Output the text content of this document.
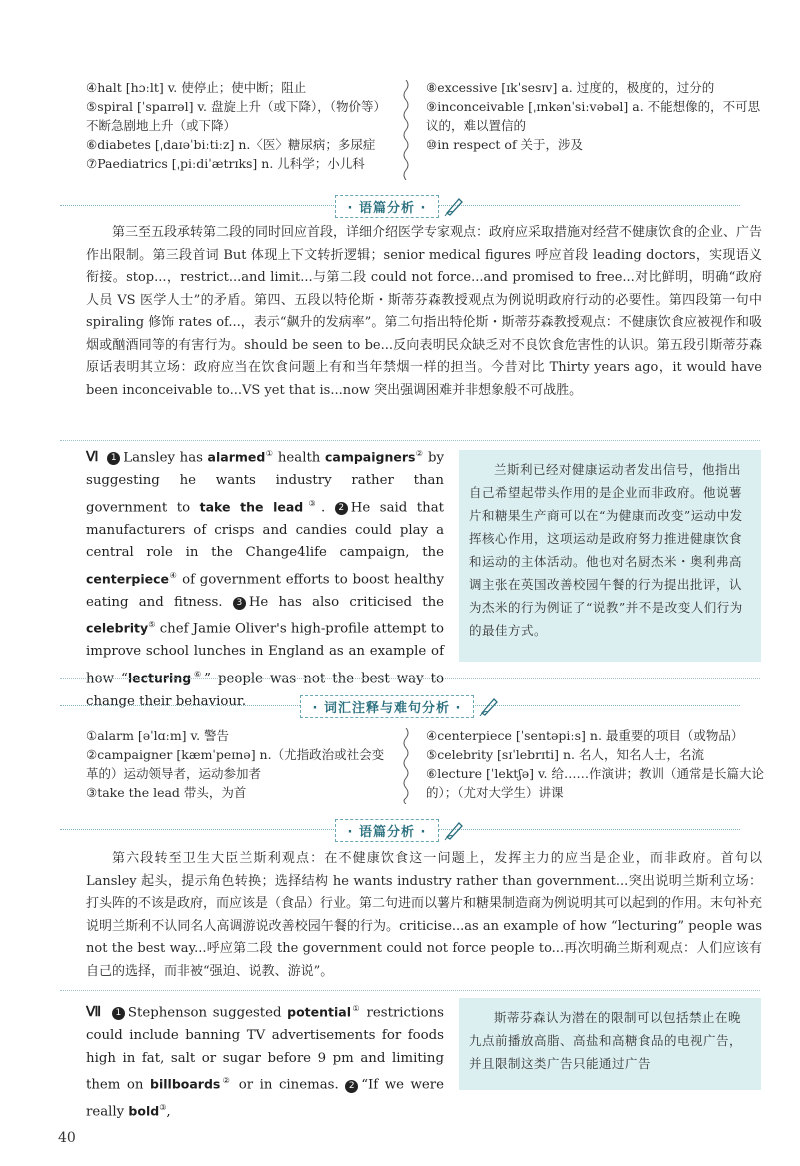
④halt [hɔːlt] v. 使停止；使中断；阻止

⑤spiral [ˈspaɪrəl] v. 盘旋上升（或下降），（物价等）不断急剧地上升（或下降）

⑥diabetes [ˌdaɪəˈbiːtiːz] n.〈医〉糖尿病；多尿症

⑦Paediatrics [ˌpiːdiˈætrɪks] n. 儿科学；小儿科

⑧excessive [ɪkˈsesɪv] a. 过度的，极度的，过分的

⑨inconceivable [ˌɪnkənˈsiːvəbəl] a. 不能想像的，不可思议的，难以置信的

⑩in respect of 关于，涉及

· 语篇分析 ·

第三至五段承转第二段的同时回应首段，详细介绍医学专家观点：政府应采取措施对经营不健康饮食的企业、广告作出限制。第三段首词 But 体现上下文转折逻辑；senior medical figures 呼应首段 leading doctors，实现语义衔接。stop...，restrict...and limit...与第二段 could not force...and promised to free...对比鲜明，明确“政府人员 VS 医学人士”的矛盾。第四、五段以特伦斯・斯蒂芬森教授观点为例说明政府行动的必要性。第四段第一句中 spiraling 修饰 rates of...，表示“飙升的发病率”。第二句指出特伦斯・斯蒂芬森教授观点：不健康饮食应被视作和吸烟或酗酒同等的有害行为。should be seen to be...反向表明民众缺乏对不良饮食危害性的认识。第五段引斯蒂芬森原话表明其立场：政府应当在饮食问题上有和当年禁烟一样的担当。今昔对比 Thirty years ago，it would have been inconceivable to...VS yet that is...now 突出强调困难并非想象般不可战胜。

Ⅵ 1 Lansley has alarmed① health campaigners② by suggesting he wants industry rather than government to take the lead③. 2 He said that manufacturers of crisps and candies could play a central role in the Change4life campaign, the centerpiece④ of government efforts to boost healthy eating and fitness. 3 He has also criticised the celebrity⑤ chef Jamie Oliver's high-profile attempt to improve school lunches in England as an example of how “lecturing⑥” people was not the best way to change their behaviour.

兰斯利已经对健康运动者发出信号，他指出自己希望起带头作用的是企业而非政府。他说薯片和糖果生产商可以在“为健康而改变”运动中发挥核心作用，这项运动是政府努力推进健康饮食和运动的主体活动。他也对名厨杰米・奥利弗高调主张在英国改善校园午餐的行为提出批评，认为杰米的行为例证了“说教”并不是改变人们行为的最佳方式。

· 词汇注释与难句分析 ·

①alarm [əˈlɑːm] v. 警告

②campaigner [kæmˈpeɪnə] n.（尤指政治或社会变革的）运动领导者，运动参加者

③take the lead 带头，为首

④centerpiece [ˈsentəpiːs] n. 最重要的项目（或物品）

⑤celebrity [sɪˈlebrɪti] n. 名人，知名人士，名流

⑥lecture [ˈlektʃə] v. 给……作演讲；教训（通常是长篇大论的）；（尤对大学生）讲课

· 语篇分析 ·

第六段转至卫生大臣兰斯利观点：在不健康饮食这一问题上，发挥主力的应当是企业，而非政府。首句以 Lansley 起头，提示角色转换；选择结构 he wants industry rather than government...突出说明兰斯利立场：打头阵的不该是政府，而应该是（食品）行业。第二句进而以薯片和糖果制造商为例说明其可以起到的作用。末句补充说明兰斯利不认同名人高调游说改善校园午餐的行为。criticise...as an example of how “lecturing” people was not the best way...呼应第二段 the government could not force people to...再次明确兰斯利观点：人们应该有自己的选择，而非被“强迫、说教、游说”。

Ⅶ 1 Stephenson suggested potential① restrictions could include banning TV advertisements for foods high in fat, salt or sugar before 9 pm and limiting them on billboards② or in cinemas. 2 “If we were really bold③,

斯蒂芬森认为潜在的限制可以包括禁止在晚九点前播放高脂、高盐和高糖食品的电视广告，并且限制这类广告只能通过广告

40
